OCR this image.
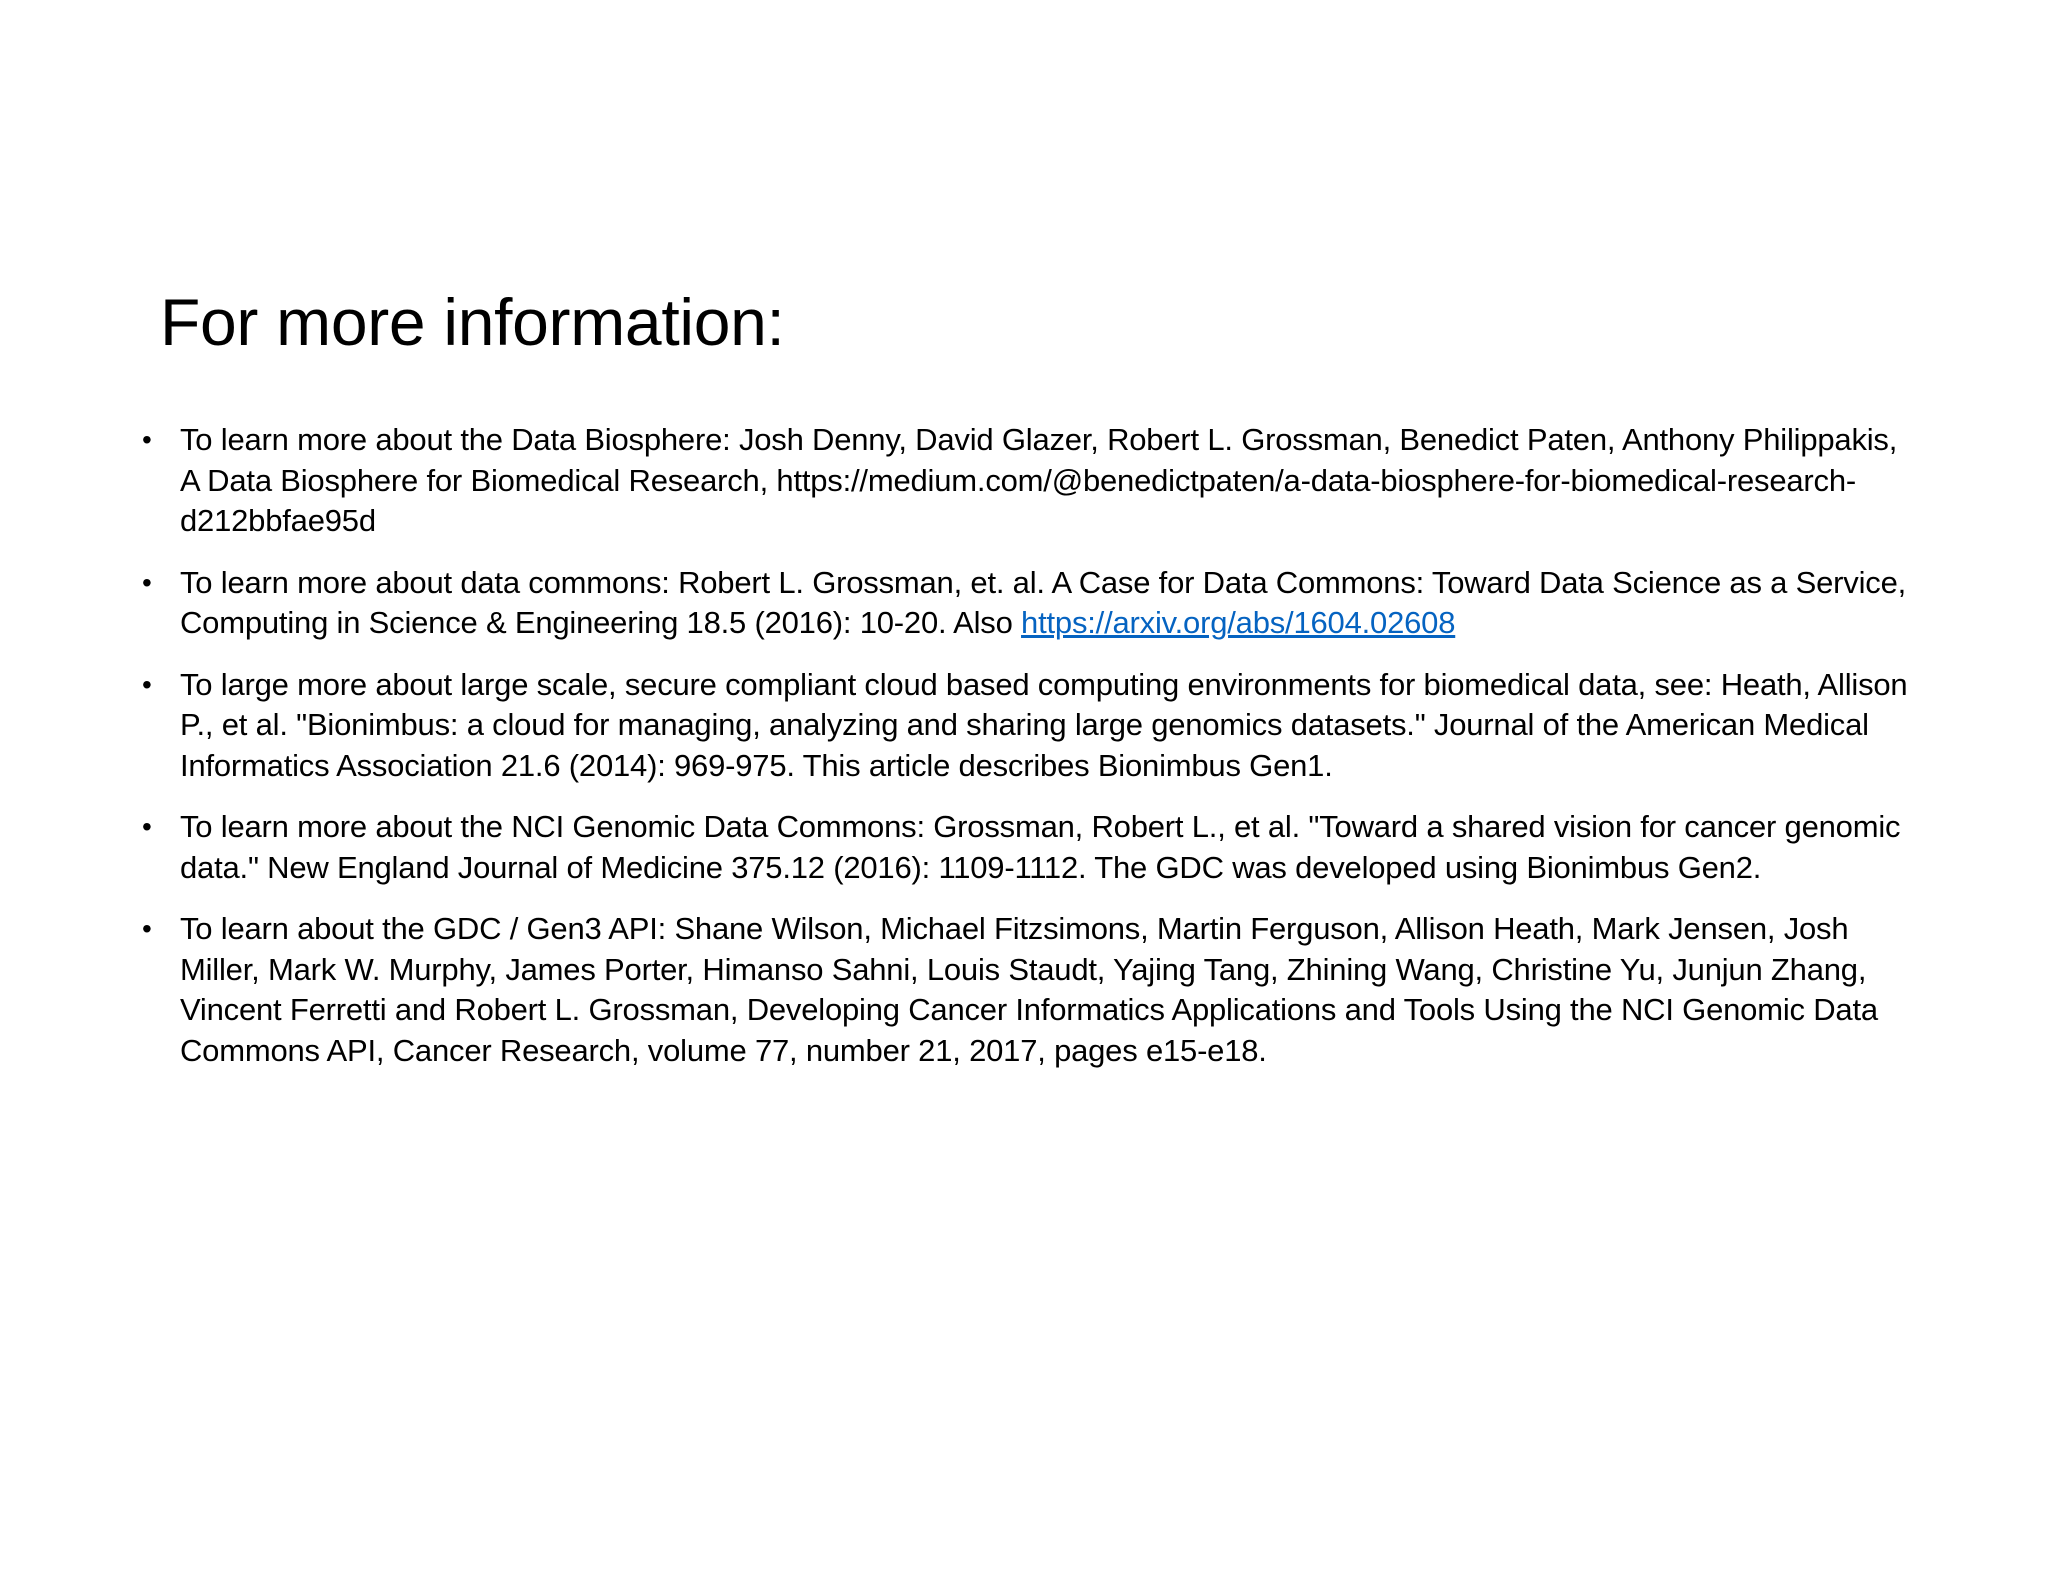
For more information:
• To learn more about the Data Biosphere: Josh Denny, David Glazer, Robert L. Grossman, Benedict Paten, Anthony Philippakis, A Data Biosphere for Biomedical Research, https://medium.com/@benedictpaten/a-data-biosphere-for-biomedical-research-d212bbfae95d
• To learn more about data commons: Robert L. Grossman, et. al. A Case for Data Commons: Toward Data Science as a Service, Computing in Science & Engineering 18.5 (2016): 10-20. Also https://arxiv.org/abs/1604.02608
• To large more about large scale, secure compliant cloud based computing environments for biomedical data, see: Heath, Allison P., et al. "Bionimbus: a cloud for managing, analyzing and sharing large genomics datasets." Journal of the American Medical Informatics Association 21.6 (2014): 969-975. This article describes Bionimbus Gen1.
• To learn more about the NCI Genomic Data Commons: Grossman, Robert L., et al. "Toward a shared vision for cancer genomic data." New England Journal of Medicine 375.12 (2016): 1109-1112. The GDC was developed using Bionimbus Gen2.
• To learn about the GDC / Gen3 API: Shane Wilson, Michael Fitzsimons, Martin Ferguson, Allison Heath, Mark Jensen, Josh Miller, Mark W. Murphy, James Porter, Himanso Sahni, Louis Staudt, Yajing Tang, Zhining Wang, Christine Yu, Junjun Zhang, Vincent Ferretti and Robert L. Grossman, Developing Cancer Informatics Applications and Tools Using the NCI Genomic Data Commons API, Cancer Research, volume 77, number 21, 2017, pages e15-e18.
